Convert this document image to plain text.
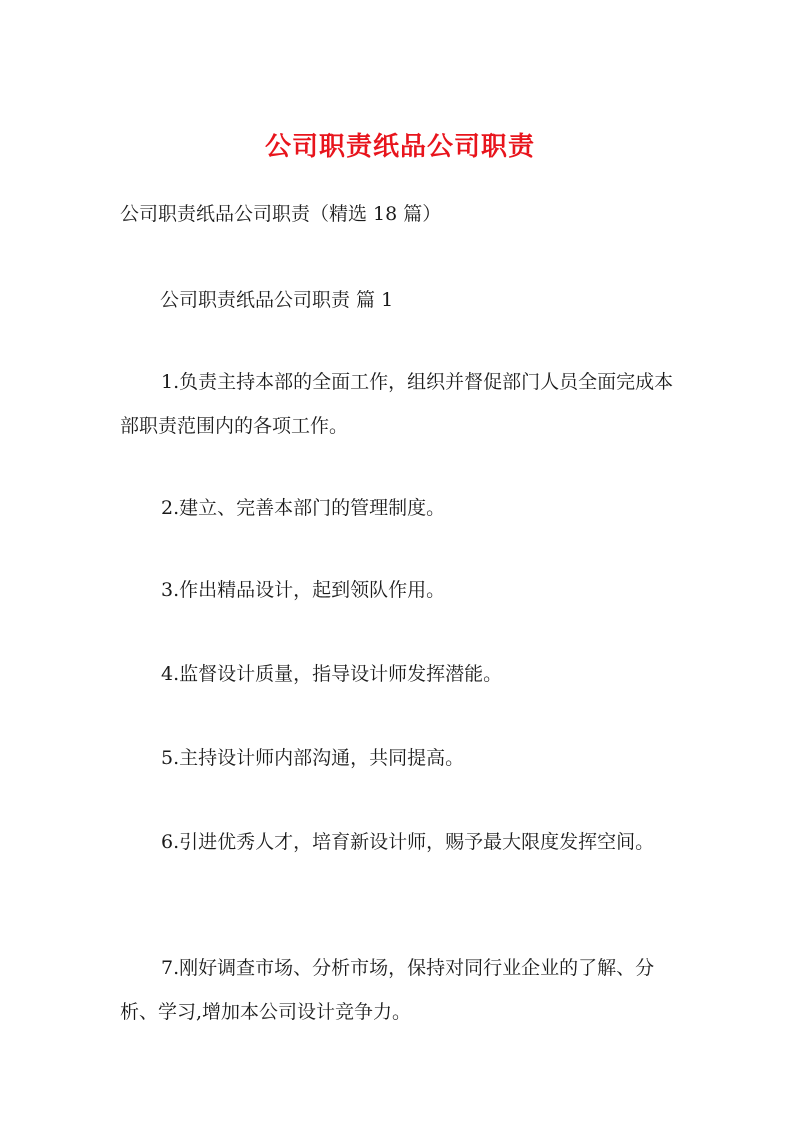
公司职责纸品公司职责
公司职责纸品公司职责（精选 18 篇）
公司职责纸品公司职责 篇 1

1.负责主持本部的全面工作，组织并督促部门人员全面完成本部职责范围内的各项工作。

2.建立、完善本部门的管理制度。

3.作出精品设计，起到领队作用。

4.监督设计质量，指导设计师发挥潜能。

5.主持设计师内部沟通，共同提高。

6.引进优秀人才，培育新设计师，赐予最大限度发挥空间。

7.刚好调查市场、分析市场，保持对同行业企业的了解、分析、学习,增加本公司设计竞争力。
